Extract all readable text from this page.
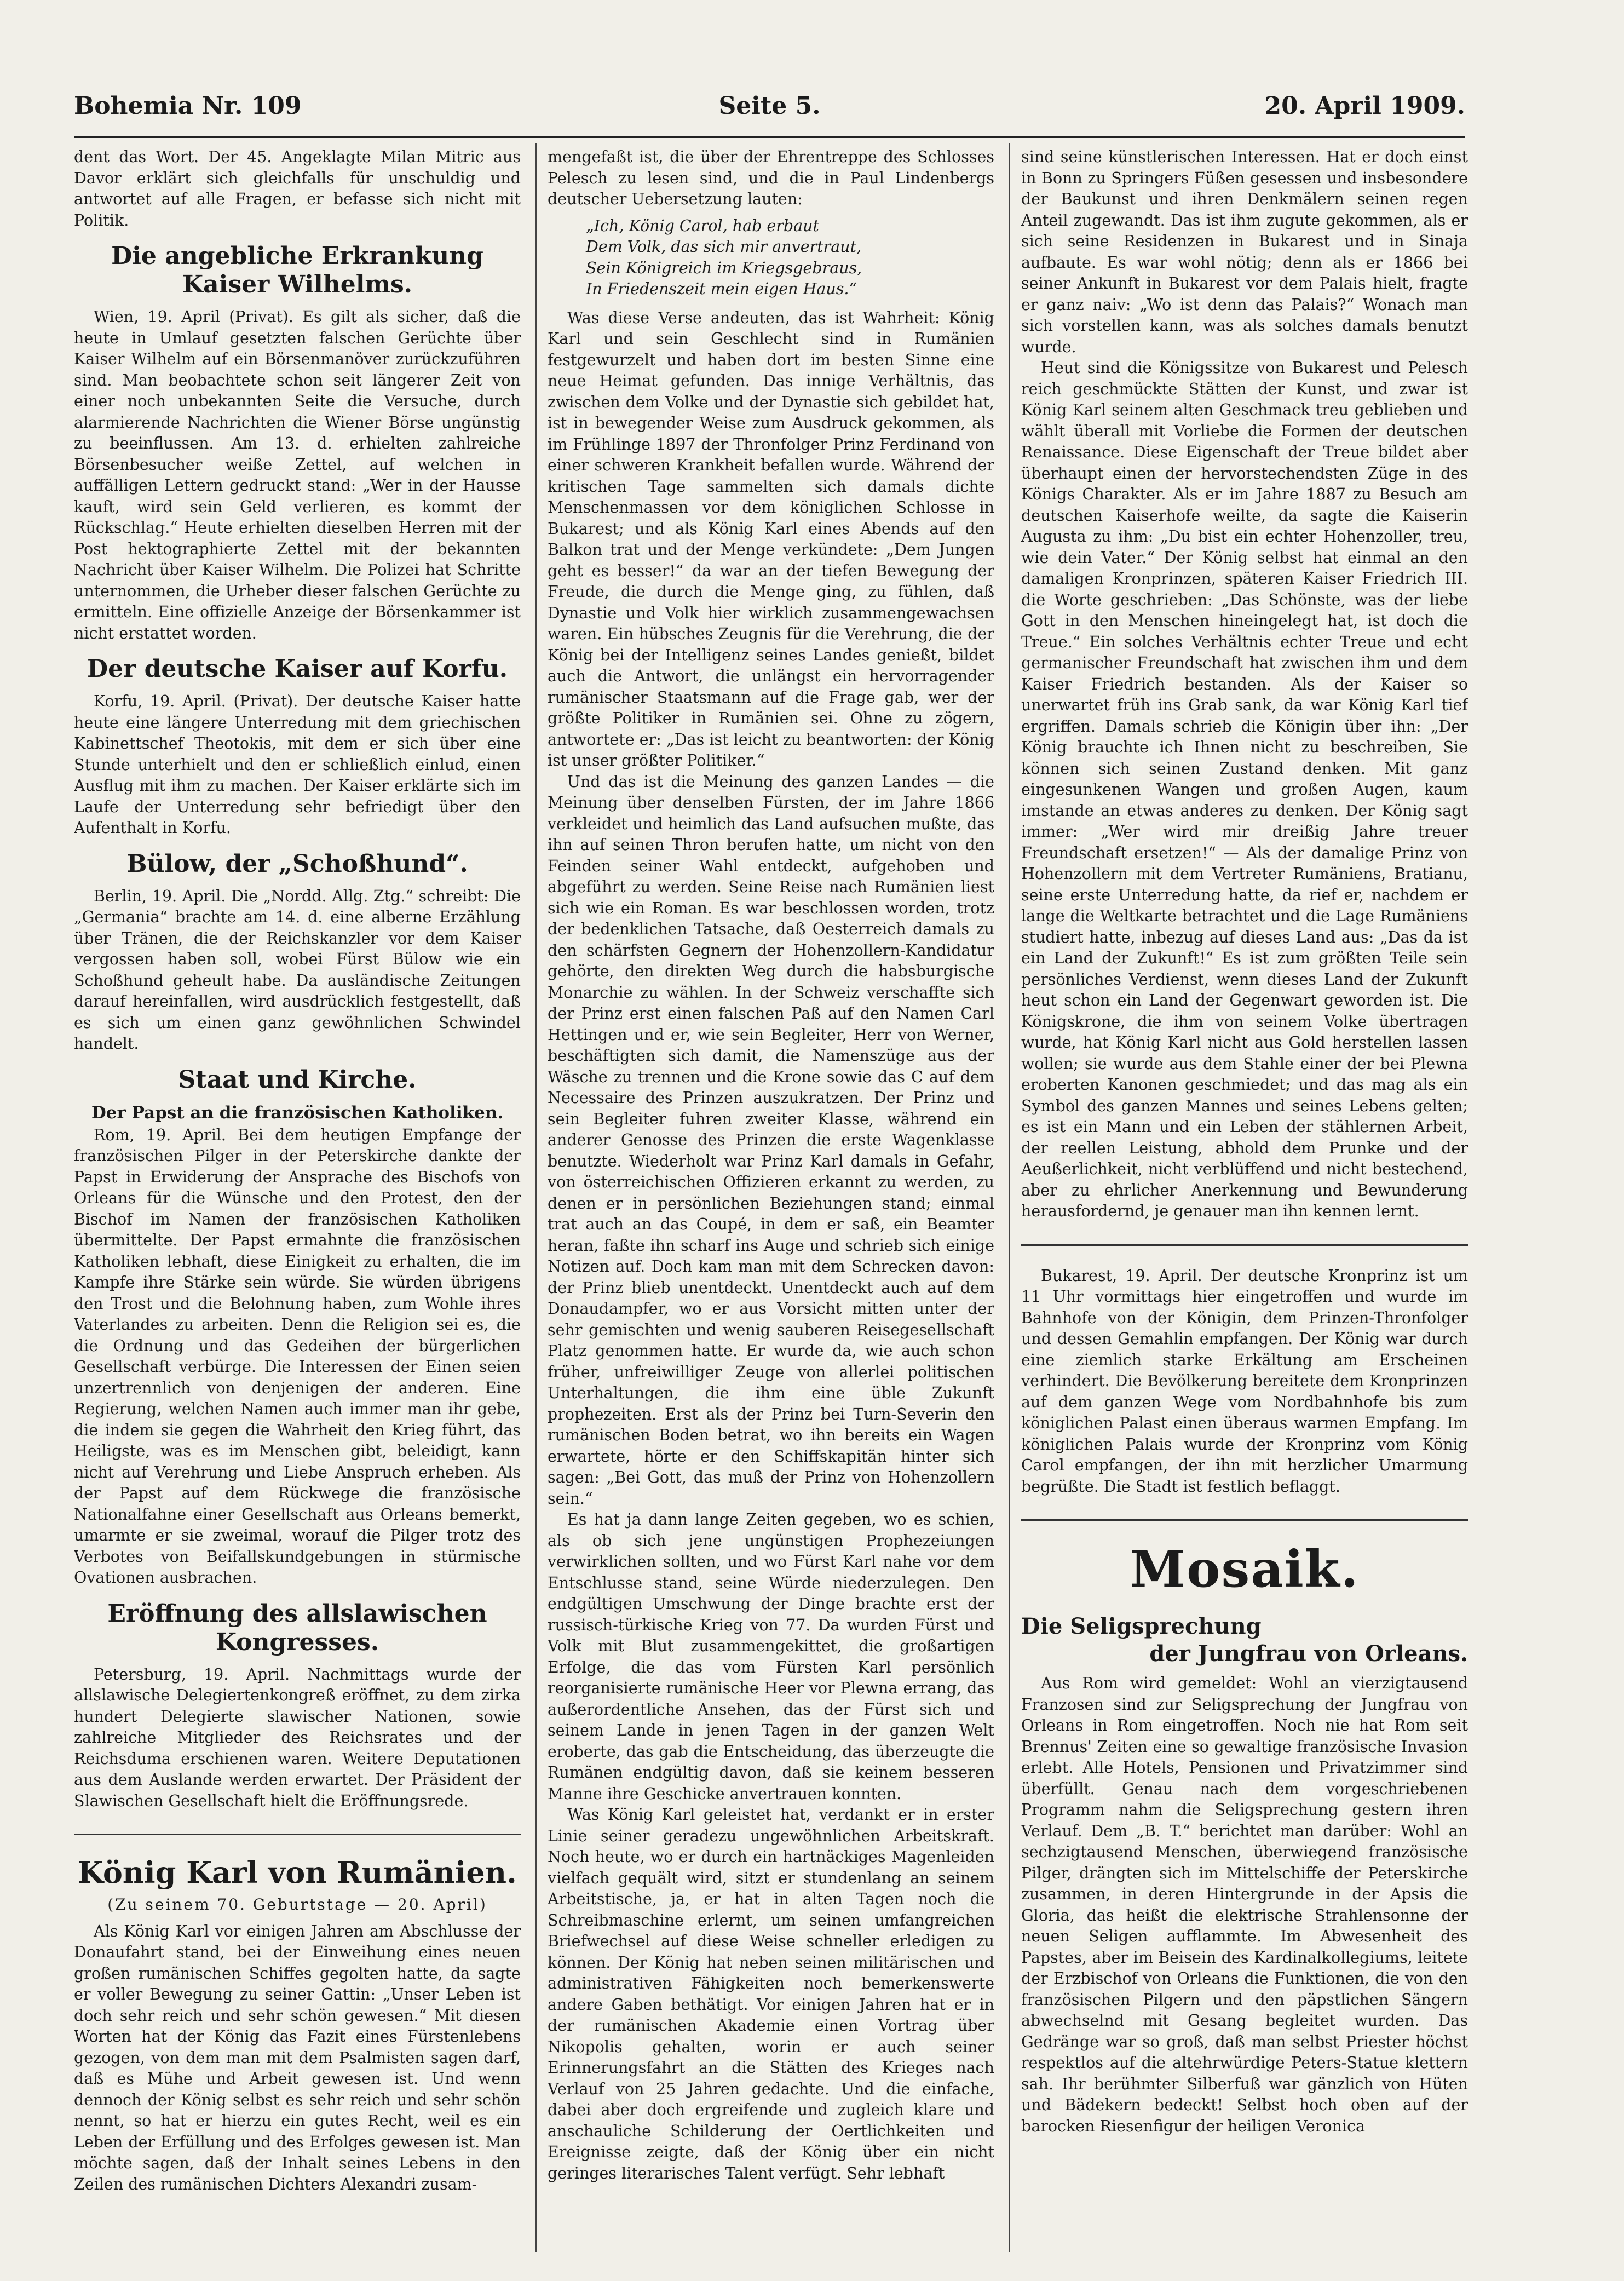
Bohemia Nr. 109	Seite 5.	20. April 1909.

dent das Wort. Der 45. Angeklagte Milan Mitric aus Davor erklärt sich gleichfalls für unschuldig und antwortet auf alle Fragen, er befasse sich nicht mit Politik.

Die angebliche Erkrankung Kaiser Wilhelms.

Wien, 19. April (Privat). Es gilt als sicher, daß die heute in Umlauf gesetzten falschen Gerüchte über Kaiser Wilhelm auf ein Börsenmanöver zurückzuführen sind. Man beobachtete schon seit längerer Zeit von einer noch unbekannten Seite die Versuche, durch alarmierende Nachrichten die Wiener Börse ungünstig zu beeinflussen. Am 13. d. erhielten zahlreiche Börsenbesucher weiße Zettel, auf welchen in auffälligen Lettern gedruckt stand: „Wer in der Hausse kauft, wird sein Geld verlieren, es kommt der Rückschlag.“ Heute erhielten dieselben Herren mit der Post hektographierte Zettel mit der bekannten Nachricht über Kaiser Wilhelm. Die Polizei hat Schritte unternommen, die Urheber dieser falschen Gerüchte zu ermitteln. Eine offizielle Anzeige der Börsenkammer ist nicht erstattet worden.

Der deutsche Kaiser auf Korfu.

Korfu, 19. April. (Privat). Der deutsche Kaiser hatte heute eine längere Unterredung mit dem griechischen Kabinettschef Theotokis, mit dem er sich über eine Stunde unterhielt und den er schließlich einlud, einen Ausflug mit ihm zu machen. Der Kaiser erklärte sich im Laufe der Unterredung sehr befriedigt über den Aufenthalt in Korfu.

Bülow, der „Schoßhund“.

Berlin, 19. April. Die „Nordd. Allg. Ztg.“ schreibt: Die „Germania“ brachte am 14. d. eine alberne Erzählung über Tränen, die der Reichskanzler vor dem Kaiser vergossen haben soll, wobei Fürst Bülow wie ein Schoßhund geheult habe. Da ausländische Zeitungen darauf hereinfallen, wird ausdrücklich festgestellt, daß es sich um einen ganz gewöhnlichen Schwindel handelt.

Staat und Kirche.
Der Papst an die französischen Katholiken.

Rom, 19. April. Bei dem heutigen Empfange der französischen Pilger in der Peterskirche dankte der Papst in Erwiderung der Ansprache des Bischofs von Orleans für die Wünsche und den Protest, den der Bischof im Namen der französischen Katholiken übermittelte. Der Papst ermahnte die französischen Katholiken lebhaft, diese Einigkeit zu erhalten, die im Kampfe ihre Stärke sein würde. Sie würden übrigens den Trost und die Belohnung haben, zum Wohle ihres Vaterlandes zu arbeiten. Denn die Religion sei es, die die Ordnung und das Gedeihen der bürgerlichen Gesellschaft verbürge. Die Interessen der Einen seien unzertrennlich von denjenigen der anderen. Eine Regierung, welchen Namen auch immer man ihr gebe, die indem sie gegen die Wahrheit den Krieg führt, das Heiligste, was es im Menschen gibt, beleidigt, kann nicht auf Verehrung und Liebe Anspruch erheben. Als der Papst auf dem Rückwege die französische Nationalfahne einer Gesellschaft aus Orleans bemerkt, umarmte er sie zweimal, worauf die Pilger trotz des Verbotes von Beifallskundgebungen in stürmische Ovationen ausbrachen.

Eröffnung des allslawischen Kongresses.

Petersburg, 19. April. Nachmittags wurde der allslawische Delegiertenkongreß eröffnet, zu dem zirka hundert Delegierte slawischer Nationen, sowie zahlreiche Mitglieder des Reichsrates und der Reichsduma erschienen waren. Weitere Deputationen aus dem Auslande werden erwartet. Der Präsident der Slawischen Gesellschaft hielt die Eröffnungsrede.

König Karl von Rumänien.
(Zu seinem 70. Geburtstage — 20. April)

Als König Karl vor einigen Jahren am Abschlusse der Donaufahrt stand, bei der Einweihung eines neuen großen rumänischen Schiffes gegolten hatte, da sagte er voller Bewegung zu seiner Gattin: „Unser Leben ist doch sehr reich und sehr schön gewesen.“ Mit diesen Worten hat der König das Fazit eines Fürstenlebens gezogen, von dem man mit dem Psalmisten sagen darf, daß es Mühe und Arbeit gewesen ist. Und wenn dennoch der König selbst es sehr reich und sehr schön nennt, so hat er hierzu ein gutes Recht, weil es ein Leben der Erfüllung und des Erfolges gewesen ist. Man möchte sagen, daß der Inhalt seines Lebens in den Zeilen des rumänischen Dichters Alexandri zusam-

mengefaßt ist, die über der Ehrentreppe des Schlosses Pelesch zu lesen sind, und die in Paul Lindenbergs deutscher Uebersetzung lauten:

„Ich, König Carol, hab erbaut
Dem Volk, das sich mir anvertraut,
Sein Königreich im Kriegsgebraus,
In Friedenszeit mein eigen Haus.“

Was diese Verse andeuten, das ist Wahrheit: König Karl und sein Geschlecht sind in Rumänien festgewurzelt und haben dort im besten Sinne eine neue Heimat gefunden. Das innige Verhältnis, das zwischen dem Volke und der Dynastie sich gebildet hat, ist in bewegender Weise zum Ausdruck gekommen, als im Frühlinge 1897 der Thronfolger Prinz Ferdinand von einer schweren Krankheit befallen wurde. Während der kritischen Tage sammelten sich damals dichte Menschenmassen vor dem königlichen Schlosse in Bukarest; und als König Karl eines Abends auf den Balkon trat und der Menge verkündete: „Dem Jungen geht es besser!“ da war an der tiefen Bewegung der Freude, die durch die Menge ging, zu fühlen, daß Dynastie und Volk hier wirklich zusammengewachsen waren. Ein hübsches Zeugnis für die Verehrung, die der König bei der Intelligenz seines Landes genießt, bildet auch die Antwort, die unlängst ein hervorragender rumänischer Staatsmann auf die Frage gab, wer der größte Politiker in Rumänien sei. Ohne zu zögern, antwortete er: „Das ist leicht zu beantworten: der König ist unser größter Politiker.“

Und das ist die Meinung des ganzen Landes — die Meinung über denselben Fürsten, der im Jahre 1866 verkleidet und heimlich das Land aufsuchen mußte, das ihn auf seinen Thron berufen hatte, um nicht von den Feinden seiner Wahl entdeckt, aufgehoben und abgeführt zu werden. Seine Reise nach Rumänien liest sich wie ein Roman. Es war beschlossen worden, trotz der bedenklichen Tatsache, daß Oesterreich damals zu den schärfsten Gegnern der Hohenzollern-Kandidatur gehörte, den direkten Weg durch die habsburgische Monarchie zu wählen. In der Schweiz verschaffte sich der Prinz erst einen falschen Paß auf den Namen Carl Hettingen und er, wie sein Begleiter, Herr von Werner, beschäftigten sich damit, die Namenszüge aus der Wäsche zu trennen und die Krone sowie das C auf dem Necessaire des Prinzen auszukratzen. Der Prinz und sein Begleiter fuhren zweiter Klasse, während ein anderer Genosse des Prinzen die erste Wagenklasse benutzte. Wiederholt war Prinz Karl damals in Gefahr, von österreichischen Offizieren erkannt zu werden, zu denen er in persönlichen Beziehungen stand; einmal trat auch an das Coupé, in dem er saß, ein Beamter heran, faßte ihn scharf ins Auge und schrieb sich einige Notizen auf. Doch kam man mit dem Schrecken davon: der Prinz blieb unentdeckt. Unentdeckt auch auf dem Donaudampfer, wo er aus Vorsicht mitten unter der sehr gemischten und wenig sauberen Reisegesellschaft Platz genommen hatte. Er wurde da, wie auch schon früher, unfreiwilliger Zeuge von allerlei politischen Unterhaltungen, die ihm eine üble Zukunft prophezeiten. Erst als der Prinz bei Turn-Severin den rumänischen Boden betrat, wo ihn bereits ein Wagen erwartete, hörte er den Schiffskapitän hinter sich sagen: „Bei Gott, das muß der Prinz von Hohenzollern sein.“

Es hat ja dann lange Zeiten gegeben, wo es schien, als ob sich jene ungünstigen Prophezeiungen verwirklichen sollten, und wo Fürst Karl nahe vor dem Entschlusse stand, seine Würde niederzulegen. Den endgültigen Umschwung der Dinge brachte erst der russisch-türkische Krieg von 77. Da wurden Fürst und Volk mit Blut zusammengekittet, die großartigen Erfolge, die das vom Fürsten Karl persönlich reorganisierte rumänische Heer vor Plewna errang, das außerordentliche Ansehen, das der Fürst sich und seinem Lande in jenen Tagen in der ganzen Welt eroberte, das gab die Entscheidung, das überzeugte die Rumänen endgültig davon, daß sie keinem besseren Manne ihre Geschicke anvertrauen konnten.

Was König Karl geleistet hat, verdankt er in erster Linie seiner geradezu ungewöhnlichen Arbeitskraft. Noch heute, wo er durch ein hartnäckiges Magenleiden vielfach gequält wird, sitzt er stundenlang an seinem Arbeitstische, ja, er hat in alten Tagen noch die Schreibmaschine erlernt, um seinen umfangreichen Briefwechsel auf diese Weise schneller erledigen zu können. Der König hat neben seinen militärischen und administrativen Fähigkeiten noch bemerkenswerte andere Gaben bethätigt. Vor einigen Jahren hat er in der rumänischen Akademie einen Vortrag über Nikopolis gehalten, worin er auch seiner Erinnerungsfahrt an die Stätten des Krieges nach Verlauf von 25 Jahren gedachte. Und die einfache, dabei aber doch ergreifende und zugleich klare und anschauliche Schilderung der Oertlichkeiten und Ereignisse zeigte, daß der König über ein nicht geringes literarisches Talent verfügt. Sehr lebhaft

sind seine künstlerischen Interessen. Hat er doch einst in Bonn zu Springers Füßen gesessen und insbesondere der Baukunst und ihren Denkmälern seinen regen Anteil zugewandt. Das ist ihm zugute gekommen, als er sich seine Residenzen in Bukarest und in Sinaja aufbaute. Es war wohl nötig; denn als er 1866 bei seiner Ankunft in Bukarest vor dem Palais hielt, fragte er ganz naiv: „Wo ist denn das Palais?“ Wonach man sich vorstellen kann, was als solches damals benutzt wurde.

Heut sind die Königssitze von Bukarest und Pelesch reich geschmückte Stätten der Kunst, und zwar ist König Karl seinem alten Geschmack treu geblieben und wählt überall mit Vorliebe die Formen der deutschen Renaissance. Diese Eigenschaft der Treue bildet aber überhaupt einen der hervorstechendsten Züge in des Königs Charakter. Als er im Jahre 1887 zu Besuch am deutschen Kaiserhofe weilte, da sagte die Kaiserin Augusta zu ihm: „Du bist ein echter Hohenzoller, treu, wie dein Vater.“ Der König selbst hat einmal an den damaligen Kronprinzen, späteren Kaiser Friedrich III. die Worte geschrieben: „Das Schönste, was der liebe Gott in den Menschen hineingelegt hat, ist doch die Treue.“ Ein solches Verhältnis echter Treue und echt germanischer Freundschaft hat zwischen ihm und dem Kaiser Friedrich bestanden. Als der Kaiser so unerwartet früh ins Grab sank, da war König Karl tief ergriffen. Damals schrieb die Königin über ihn: „Der König brauchte ich Ihnen nicht zu beschreiben, Sie können sich seinen Zustand denken. Mit ganz eingesunkenen Wangen und großen Augen, kaum imstande an etwas anderes zu denken. Der König sagt immer: „Wer wird mir dreißig Jahre treuer Freundschaft ersetzen!“ — Als der damalige Prinz von Hohenzollern mit dem Vertreter Rumäniens, Bratianu, seine erste Unterredung hatte, da rief er, nachdem er lange die Weltkarte betrachtet und die Lage Rumäniens studiert hatte, inbezug auf dieses Land aus: „Das da ist ein Land der Zukunft!“ Es ist zum größten Teile sein persönliches Verdienst, wenn dieses Land der Zukunft heut schon ein Land der Gegenwart geworden ist. Die Königskrone, die ihm von seinem Volke übertragen wurde, hat König Karl nicht aus Gold herstellen lassen wollen; sie wurde aus dem Stahle einer der bei Plewna eroberten Kanonen geschmiedet; und das mag als ein Symbol des ganzen Mannes und seines Lebens gelten; es ist ein Mann und ein Leben der stählernen Arbeit, der reellen Leistung, abhold dem Prunke und der Aeußerlichkeit, nicht verblüffend und nicht bestechend, aber zu ehrlicher Anerkennung und Bewunderung herausfordernd, je genauer man ihn kennen lernt.

Bukarest, 19. April. Der deutsche Kronprinz ist um 11 Uhr vormittags hier eingetroffen und wurde im Bahnhofe von der Königin, dem Prinzen-Thronfolger und dessen Gemahlin empfangen. Der König war durch eine ziemlich starke Erkältung am Erscheinen verhindert. Die Bevölkerung bereitete dem Kronprinzen auf dem ganzen Wege vom Nordbahnhofe bis zum königlichen Palast einen überaus warmen Empfang. Im königlichen Palais wurde der Kronprinz vom König Carol empfangen, der ihn mit herzlicher Umarmung begrüßte. Die Stadt ist festlich beflaggt.

Mosaik.

Die Seligsprechung

der Jungfrau von Orleans.

Aus Rom wird gemeldet: Wohl an vierzigtausend Franzosen sind zur Seligsprechung der Jungfrau von Orleans in Rom eingetroffen. Noch nie hat Rom seit Brennus' Zeiten eine so gewaltige französische Invasion erlebt. Alle Hotels, Pensionen und Privatzimmer sind überfüllt. Genau nach dem vorgeschriebenen Programm nahm die Seligsprechung gestern ihren Verlauf. Dem „B. T.“ berichtet man darüber: Wohl an sechzigtausend Menschen, überwiegend französische Pilger, drängten sich im Mittelschiffe der Peterskirche zusammen, in deren Hintergrunde in der Apsis die Gloria, das heißt die elektrische Strahlensonne der neuen Seligen aufflammte. Im Abwesenheit des Papstes, aber im Beisein des Kardinalkollegiums, leitete der Erzbischof von Orleans die Funktionen, die von den französischen Pilgern und den päpstlichen Sängern abwechselnd mit Gesang begleitet wurden. Das Gedränge war so groß, daß man selbst Priester höchst respektlos auf die altehrwürdige Peters-Statue klettern sah. Ihr berühmter Silberfuß war gänzlich von Hüten und Bädekern bedeckt! Selbst hoch oben auf der barocken Riesenfigur der heiligen Veronica
